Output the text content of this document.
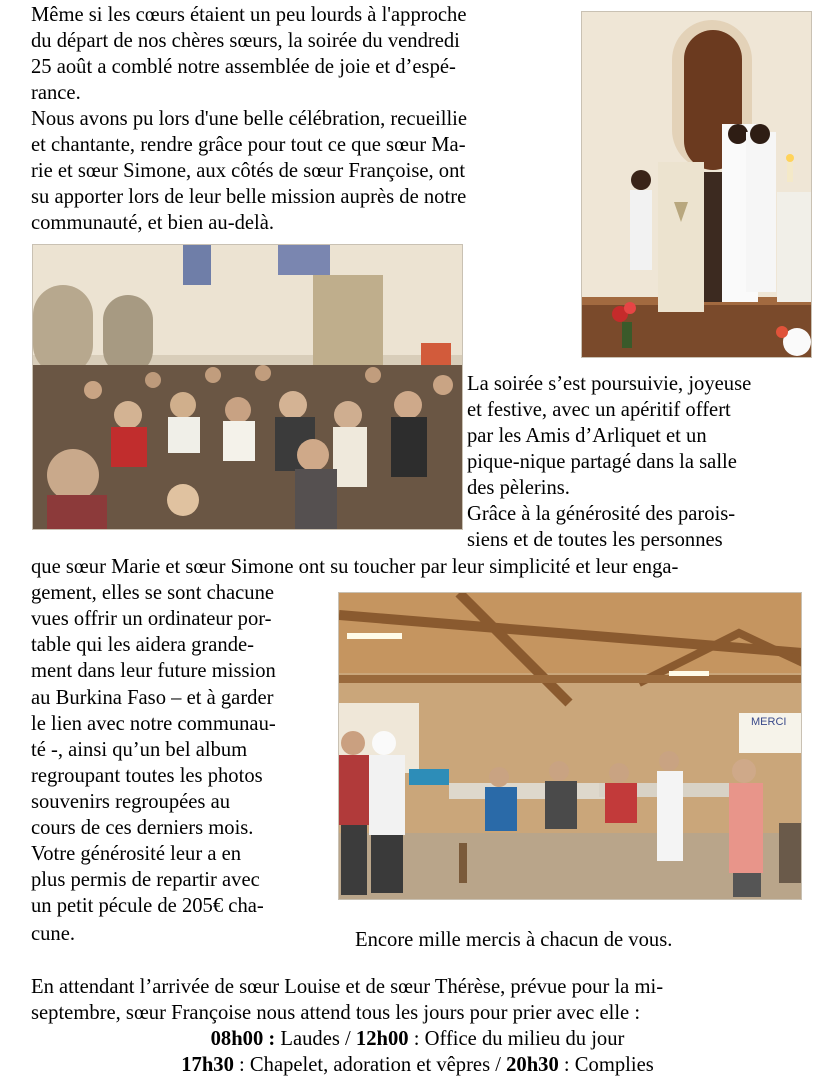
Même si les cœurs étaient un peu lourds à l'approche
du départ de nos chères sœurs, la soirée du vendredi
25 août a comblé notre assemblée de joie et d’espé-
rance.
Nous avons pu lors d'une belle célébration, recueillie
et chantante, rendre grâce pour tout ce que sœur Ma-
rie et sœur Simone, aux côtés de sœur Françoise, ont
su apporter lors de leur belle mission auprès de notre
communauté, et bien au-delà.
La soirée s’est poursuivie, joyeuse
et festive, avec un apéritif offert
par les Amis d’Arliquet et un
pique-nique partagé dans la salle
des pèlerins.
Grâce à la générosité des parois-
siens et de toutes les personnes
que sœur Marie et sœur Simone ont su toucher par leur simplicité et leur enga-
gement, elles se sont chacune
vues offrir un ordinateur por-
table qui les aidera grande-
ment dans leur future mission
au Burkina Faso – et à garder
le lien avec notre communau-
té -, ainsi qu’un bel album
regroupant toutes les photos
souvenirs regroupées au
cours de ces derniers mois.
Votre générosité leur a en
plus permis de repartir avec
un petit pécule de 205€ cha-
cune.
MERCI
Encore mille mercis à chacun de vous.
En attendant l’arrivée de sœur Louise et de sœur Thérèse, prévue pour la mi-
septembre, sœur Françoise nous attend tous les jours pour prier avec elle :
08h00 : Laudes / 12h00 : Office du milieu du jour
17h30 : Chapelet, adoration et vêpres / 20h30 : Complies
